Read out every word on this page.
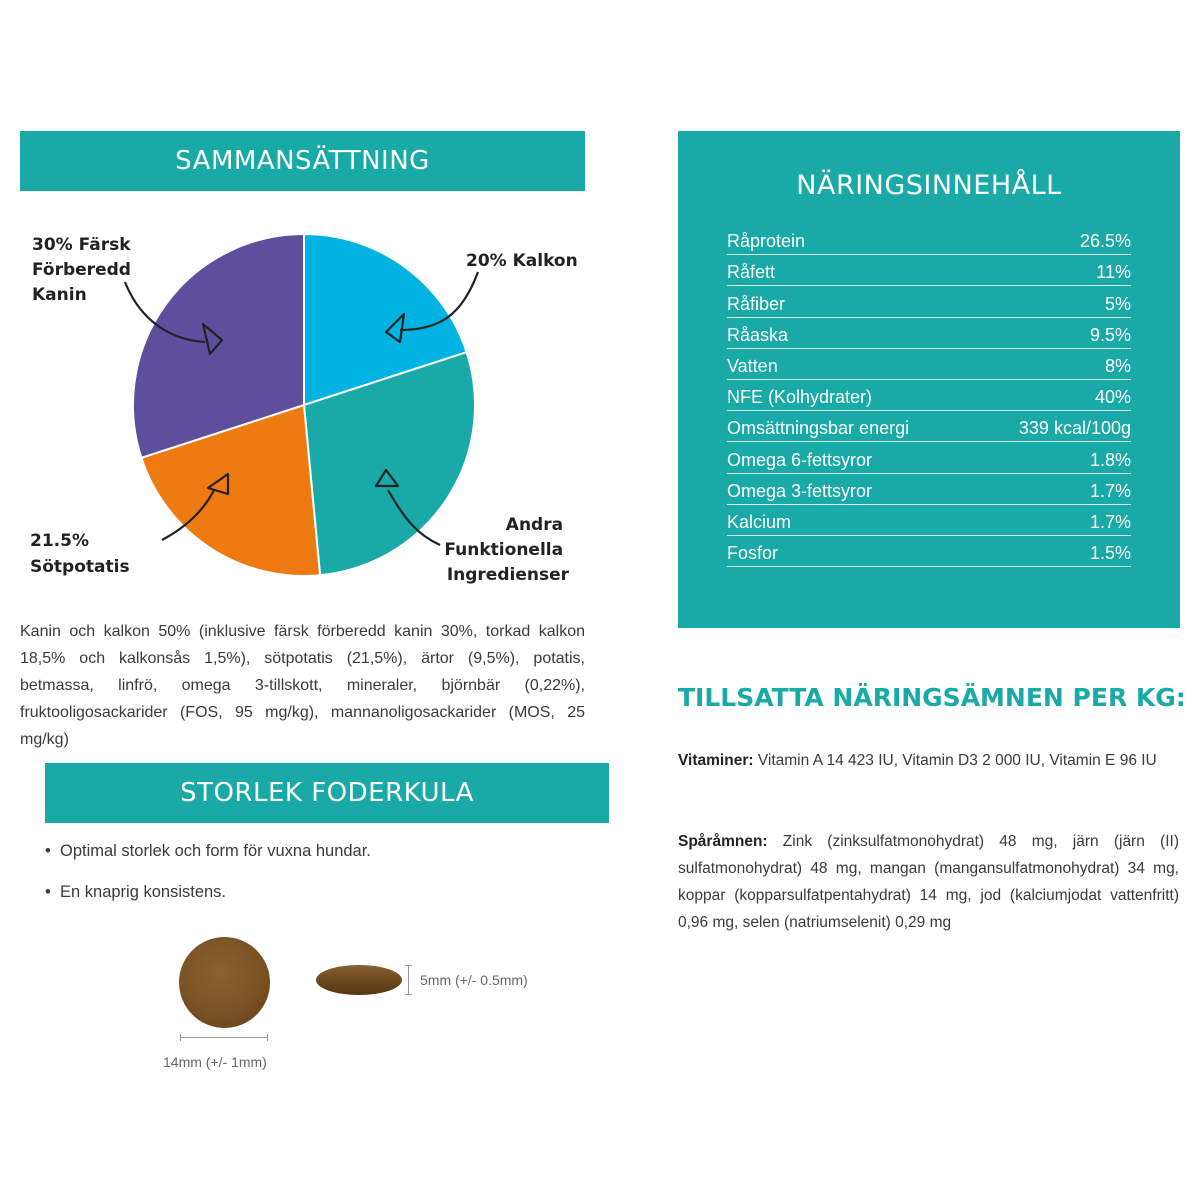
SAMMANSÄTTNING
30% Färsk Förberedd Kanin
20% Kalkon
Andra Funktionella Ingredienser
21.5% Sötpotatis
Kanin och kalkon 50% (inklusive färsk förberedd kanin 30%, torkad kalkon 18,5% och kalkonsås 1,5%), sötpotatis (21,5%), ärtor (9,5%), potatis, betmassa, linfrö, omega 3-tillskott, mineraler, björnbär (0,22%), fruktooligosackarider (FOS, 95 mg/kg), mannanoligosackarider (MOS, 25 mg/kg)
STORLEK FODERKULA
• Optimal storlek och form för vuxna hundar.
• En knaprig konsistens.
14mm (+/- 1mm)
5mm (+/- 0.5mm)
NÄRINGSINNEHÅLL
Råprotein	26.5%
Råfett	11%
Råfiber	5%
Råaska	9.5%
Vatten	8%
NFE (Kolhydrater)	40%
Omsättningsbar energi	339 kcal/100g
Omega 6-fettsyror	1.8%
Omega 3-fettsyror	1.7%
Kalcium	1.7%
Fosfor	1.5%
TILLSATTA NÄRINGSÄMNEN PER KG:
Vitaminer: Vitamin A 14 423 IU, Vitamin D3 2 000 IU, Vitamin E 96 IU
Spåråmnen: Zink (zinksulfatmonohydrat) 48 mg, järn (järn (II) sulfatmonohydrat) 48 mg, mangan (mangansulfatmonohydrat) 34 mg, koppar (kopparsulfatpentahydrat) 14 mg, jod (kalciumjodat vattenfritt) 0,96 mg, selen (natriumselenit) 0,29 mg
